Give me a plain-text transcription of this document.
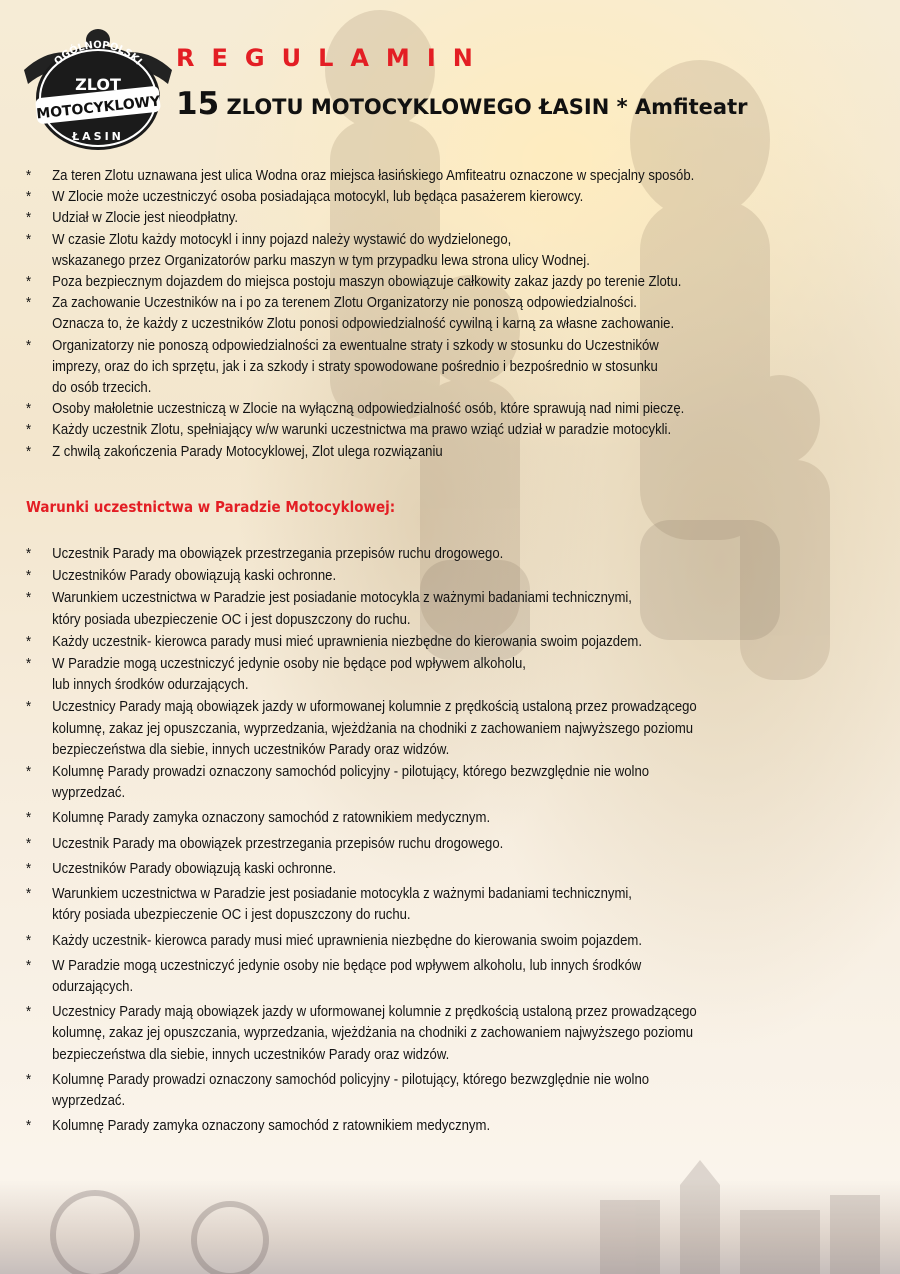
OGÓLNOPOLSKI
ZLOT
MOTOCYKLOWY
ŁASIN
REGULAMIN
15 ZLOTU MOTOCYKLOWEGO ŁASIN * Amfiteatr
* Za teren Zlotu uznawana jest ulica Wodna oraz miejsca łasińskiego Amfiteatru oznaczone w specjalny sposób.
* W Zlocie może uczestniczyć osoba posiadająca motocykl, lub będąca pasażerem kierowcy.
* Udział w Zlocie jest nieodpłatny.
* W czasie Zlotu każdy motocykl i inny pojazd należy wystawić do wydzielonego,
wskazanego przez Organizatorów parku maszyn w tym przypadku lewa strona ulicy Wodnej.
* Poza bezpiecznym dojazdem do miejsca postoju maszyn obowiązuje całkowity zakaz jazdy po terenie Zlotu.
* Za zachowanie Uczestników na i po za terenem Zlotu Organizatorzy nie ponoszą odpowiedzialności.
Oznacza to, że każdy z uczestników Zlotu ponosi odpowiedzialność cywilną i karną za własne zachowanie.
* Organizatorzy nie ponoszą odpowiedzialności za ewentualne straty i szkody w stosunku do Uczestników
imprezy, oraz do ich sprzętu, jak i za szkody i straty spowodowane pośrednio i bezpośrednio w stosunku
do osób trzecich.
* Osoby małoletnie uczestniczą w Zlocie na wyłączną odpowiedzialność osób, które sprawują nad nimi pieczę.
* Każdy uczestnik Zlotu, spełniający w/w warunki uczestnictwa ma prawo wziąć udział w paradzie motocykli.
* Z chwilą zakończenia Parady Motocyklowej, Zlot ulega rozwiązaniu
Warunki uczestnictwa w Paradzie Motocyklowej:
* Uczestnik Parady ma obowiązek przestrzegania przepisów ruchu drogowego.
* Uczestników Parady obowiązują kaski ochronne.
* Warunkiem uczestnictwa w Paradzie jest posiadanie motocykla z ważnymi badaniami technicznymi,
który posiada ubezpieczenie OC i jest dopuszczony do ruchu.
* Każdy uczestnik- kierowca parady musi mieć uprawnienia niezbędne do kierowania swoim pojazdem.
* W Paradzie mogą uczestniczyć jedynie osoby nie będące pod wpływem alkoholu,
lub innych środków odurzających.
* Uczestnicy Parady mają obowiązek jazdy w uformowanej kolumnie z prędkością ustaloną przez prowadzącego
kolumnę, zakaz jej opuszczania, wyprzedzania, wjeżdżania na chodniki z zachowaniem najwyższego poziomu
bezpieczeństwa dla siebie, innych uczestników Parady oraz widzów.
* Kolumnę Parady prowadzi oznaczony samochód policyjny - pilotujący, którego bezwzględnie nie wolno
wyprzedzać.
* Kolumnę Parady zamyka oznaczony samochód z ratownikiem medycznym.
* Uczestnik Parady ma obowiązek przestrzegania przepisów ruchu drogowego.
* Uczestników Parady obowiązują kaski ochronne.
* Warunkiem uczestnictwa w Paradzie jest posiadanie motocykla z ważnymi badaniami technicznymi,
który posiada ubezpieczenie OC i jest dopuszczony do ruchu.
* Każdy uczestnik- kierowca parady musi mieć uprawnienia niezbędne do kierowania swoim pojazdem.
* W Paradzie mogą uczestniczyć jedynie osoby nie będące pod wpływem alkoholu, lub innych środków
odurzających.
* Uczestnicy Parady mają obowiązek jazdy w uformowanej kolumnie z prędkością ustaloną przez prowadzącego
kolumnę, zakaz jej opuszczania, wyprzedzania, wjeżdżania na chodniki z zachowaniem najwyższego poziomu
bezpieczeństwa dla siebie, innych uczestników Parady oraz widzów.
* Kolumnę Parady prowadzi oznaczony samochód policyjny - pilotujący, którego bezwzględnie nie wolno
wyprzedzać.
* Kolumnę Parady zamyka oznaczony samochód z ratownikiem medycznym.
